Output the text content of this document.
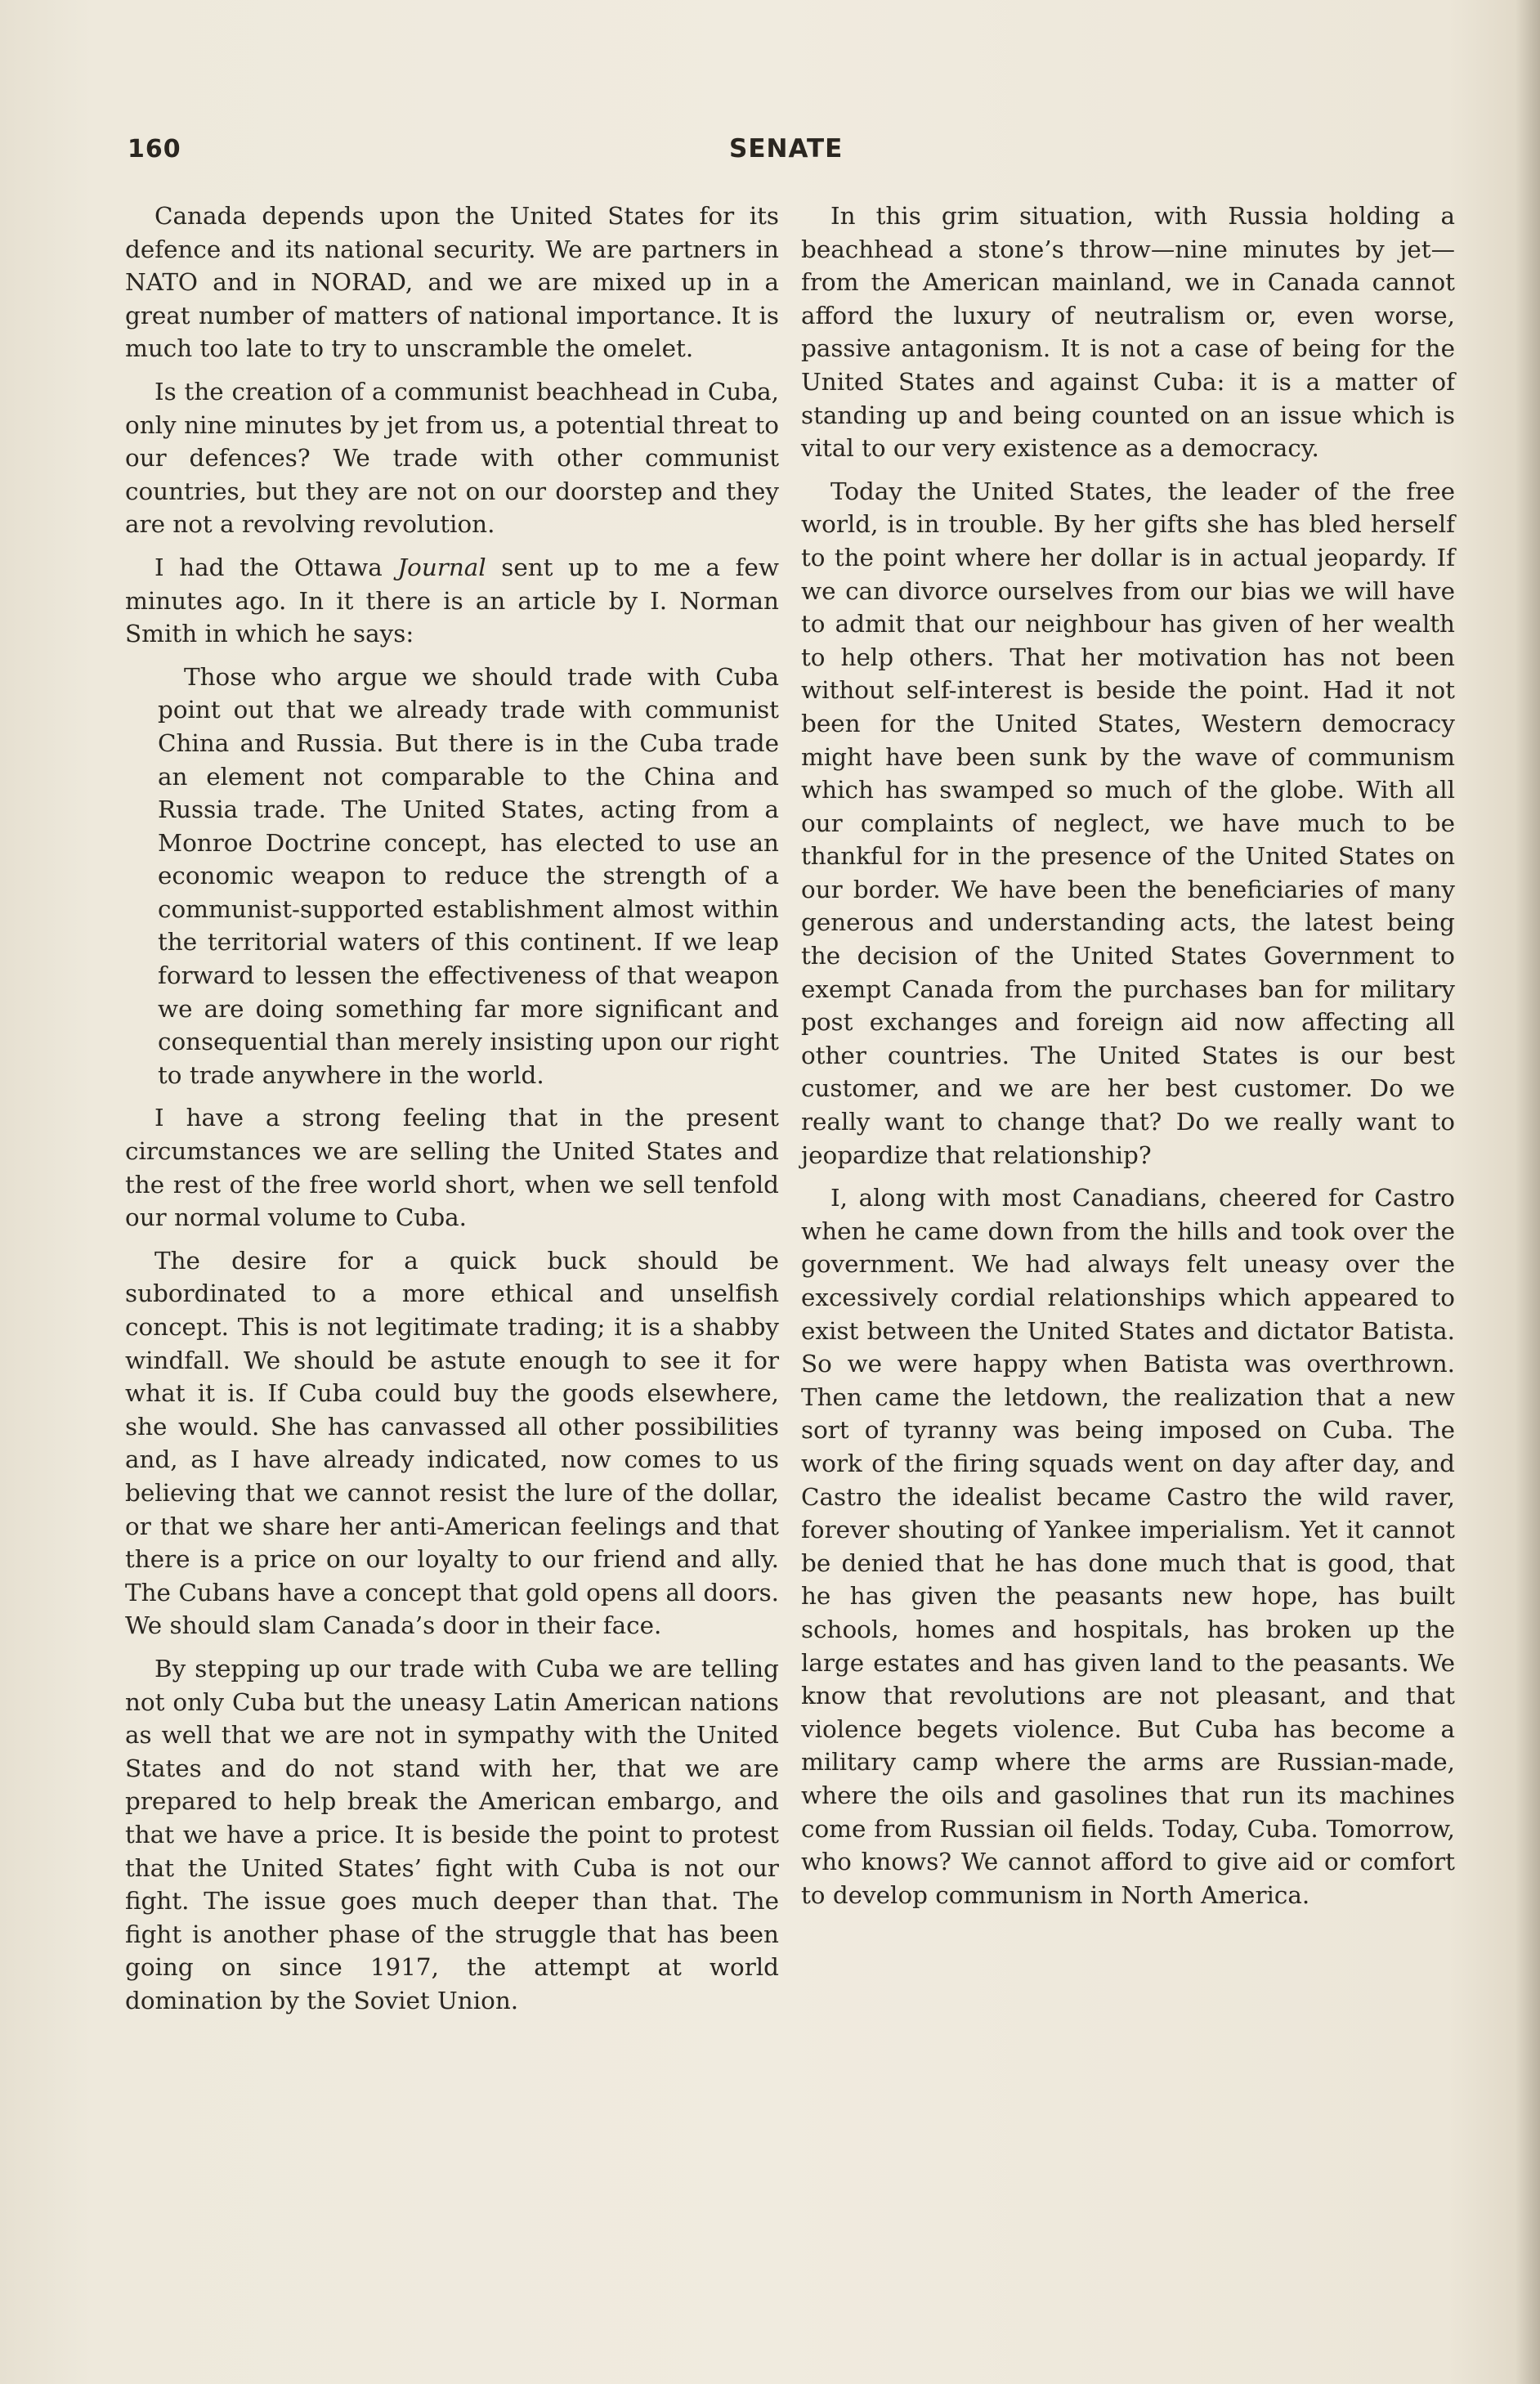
160	SENATE

Canada depends upon the United States for its defence and its national security. We are partners in NATO and in NORAD, and we are mixed up in a great number of matters of national importance. It is much too late to try to unscramble the omelet.

Is the creation of a communist beachhead in Cuba, only nine minutes by jet from us, a potential threat to our defences? We trade with other communist countries, but they are not on our doorstep and they are not a revolving revolution.

I had the Ottawa Journal sent up to me a few minutes ago. In it there is an article by I. Norman Smith in which he says:

Those who argue we should trade with Cuba point out that we already trade with communist China and Russia. But there is in the Cuba trade an element not comparable to the China and Russia trade. The United States, acting from a Monroe Doctrine concept, has elected to use an economic weapon to reduce the strength of a communist-supported establishment almost within the territorial waters of this continent. If we leap forward to lessen the effectiveness of that weapon we are doing something far more significant and consequential than merely insisting upon our right to trade anywhere in the world.

I have a strong feeling that in the present circumstances we are selling the United States and the rest of the free world short, when we sell tenfold our normal volume to Cuba.

The desire for a quick buck should be subordinated to a more ethical and unselfish concept. This is not legitimate trading; it is a shabby windfall. We should be astute enough to see it for what it is. If Cuba could buy the goods elsewhere, she would. She has canvassed all other possibilities and, as I have already indicated, now comes to us believing that we cannot resist the lure of the dollar, or that we share her anti-American feelings and that there is a price on our loyalty to our friend and ally. The Cubans have a concept that gold opens all doors. We should slam Canada’s door in their face.

By stepping up our trade with Cuba we are telling not only Cuba but the uneasy Latin American nations as well that we are not in sympathy with the United States and do not stand with her, that we are prepared to help break the American embargo, and that we have a price. It is beside the point to protest that the United States’ fight with Cuba is not our fight. The issue goes much deeper than that. The fight is another phase of the struggle that has been going on since 1917, the attempt at world domination by the Soviet Union.

In this grim situation, with Russia holding a beachhead a stone’s throw—nine minutes by jet—from the American mainland, we in Canada cannot afford the luxury of neutralism or, even worse, passive antagonism. It is not a case of being for the United States and against Cuba: it is a matter of standing up and being counted on an issue which is vital to our very existence as a democracy.

Today the United States, the leader of the free world, is in trouble. By her gifts she has bled herself to the point where her dollar is in actual jeopardy. If we can divorce ourselves from our bias we will have to admit that our neighbour has given of her wealth to help others. That her motivation has not been without self-interest is beside the point. Had it not been for the United States, Western democracy might have been sunk by the wave of communism which has swamped so much of the globe. With all our complaints of neglect, we have much to be thankful for in the presence of the United States on our border. We have been the beneficiaries of many generous and understanding acts, the latest being the decision of the United States Government to exempt Canada from the purchases ban for military post exchanges and foreign aid now affecting all other countries. The United States is our best customer, and we are her best customer. Do we really want to change that? Do we really want to jeopardize that relationship?

I, along with most Canadians, cheered for Castro when he came down from the hills and took over the government. We had always felt uneasy over the excessively cordial relationships which appeared to exist between the United States and dictator Batista. So we were happy when Batista was overthrown. Then came the letdown, the realization that a new sort of tyranny was being imposed on Cuba. The work of the firing squads went on day after day, and Castro the idealist became Castro the wild raver, forever shouting of Yankee imperialism. Yet it cannot be denied that he has done much that is good, that he has given the peasants new hope, has built schools, homes and hospitals, has broken up the large estates and has given land to the peasants. We know that revolutions are not pleasant, and that violence begets violence. But Cuba has become a military camp where the arms are Russian-made, where the oils and gasolines that run its machines come from Russian oil fields. Today, Cuba. Tomorrow, who knows? We cannot afford to give aid or comfort to develop communism in North America.
